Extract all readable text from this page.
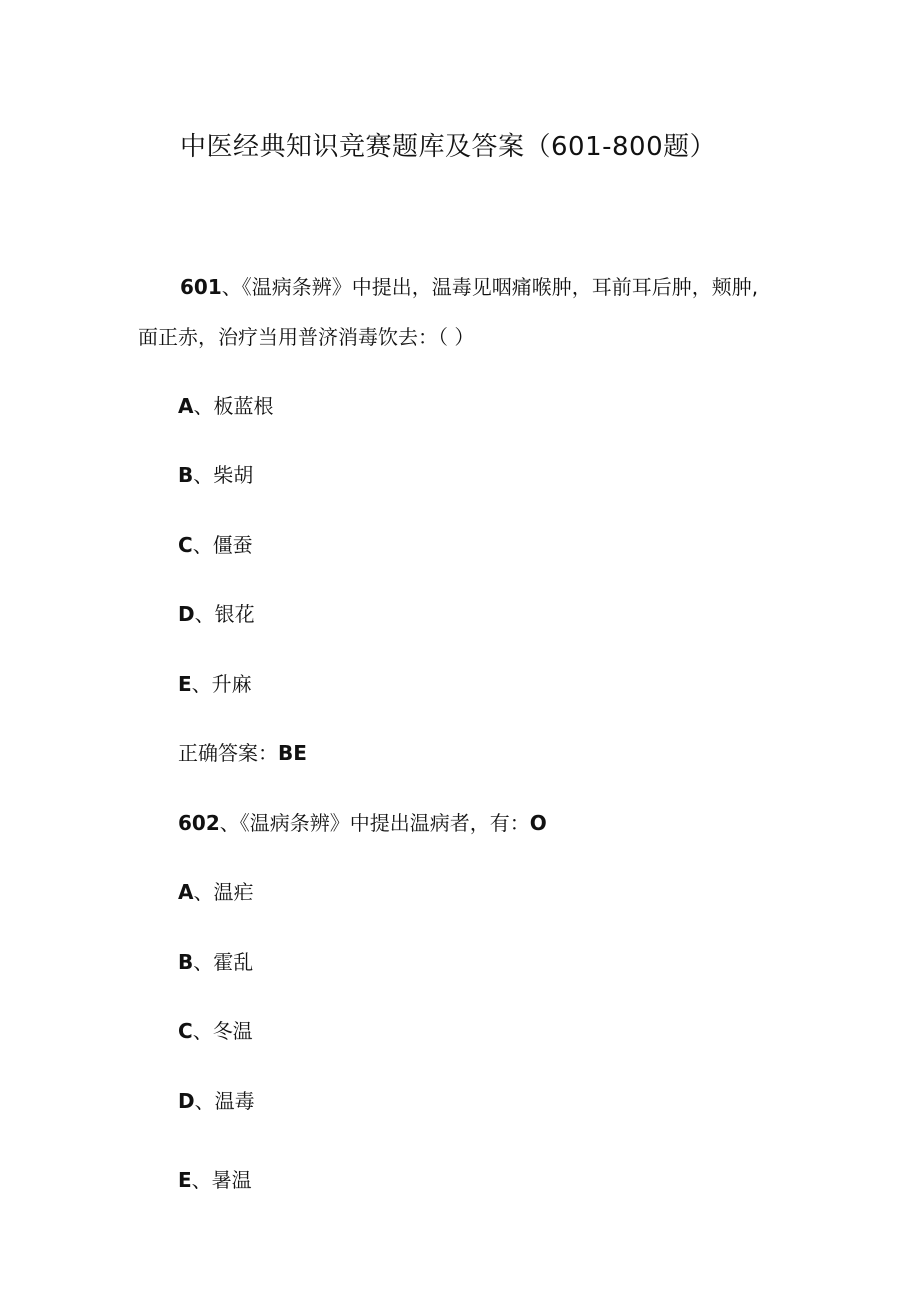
中医经典知识竞赛题库及答案（601-800题）
601、《温病条辨》中提出，温毒见咽痛喉肿，耳前耳后肿，颊肿,
面正赤，治疗当用普济消毒饮去：（ ）
A、板蓝根
B、柴胡
C、僵蚕
D、银花
E、升麻
正确答案：BE
602、《温病条辨》中提出温病者，有：O
A、温疟
B、霍乱
C、冬温
D、温毒
E、暑温
